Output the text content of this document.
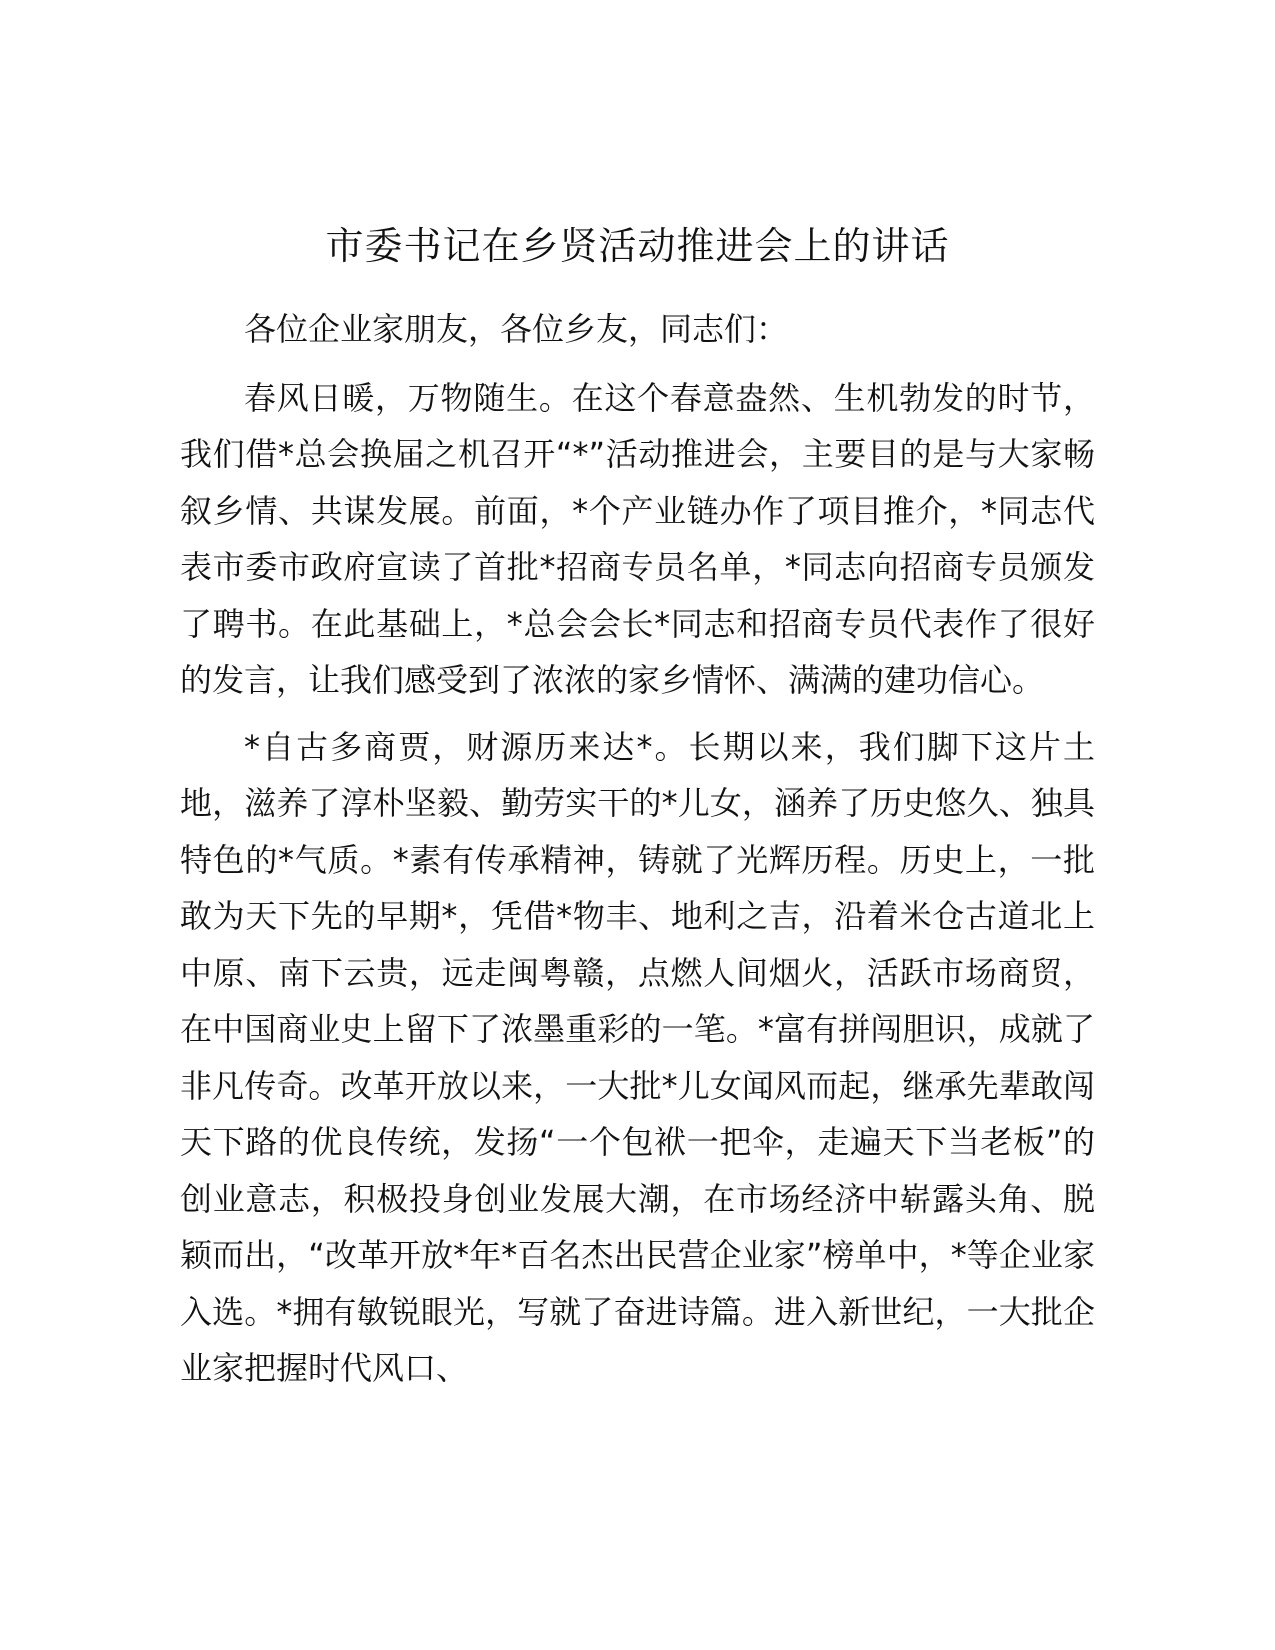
市委书记在乡贤活动推进会上的讲话

各位企业家朋友，各位乡友，同志们：

春风日暖，万物随生。在这个春意盎然、生机勃发的时节，我们借*总会换届之机召开“*”活动推进会，主要目的是与大家畅叙乡情、共谋发展。前面，*个产业链办作了项目推介，*同志代表市委市政府宣读了首批*招商专员名单，*同志向招商专员颁发了聘书。在此基础上，*总会会长*同志和招商专员代表作了很好的发言，让我们感受到了浓浓的家乡情怀、满满的建功信心。

*自古多商贾，财源历来达*。长期以来，我们脚下这片土地，滋养了淳朴坚毅、勤劳实干的*儿女，涵养了历史悠久、独具特色的*气质。*素有传承精神，铸就了光辉历程。历史上，一批敢为天下先的早期*，凭借*物丰、地利之吉，沿着米仓古道北上中原、南下云贵，远走闽粤赣，点燃人间烟火，活跃市场商贸，在中国商业史上留下了浓墨重彩的一笔。*富有拼闯胆识，成就了非凡传奇。改革开放以来，一大批*儿女闻风而起，继承先辈敢闯天下路的优良传统，发扬“一个包袱一把伞，走遍天下当老板”的创业意志，积极投身创业发展大潮，在市场经济中崭露头角、脱颖而出，“改革开放*年*百名杰出民营企业家”榜单中，*等企业家入选。*拥有敏锐眼光，写就了奋进诗篇。进入新世纪，一大批企业家把握时代风口、
